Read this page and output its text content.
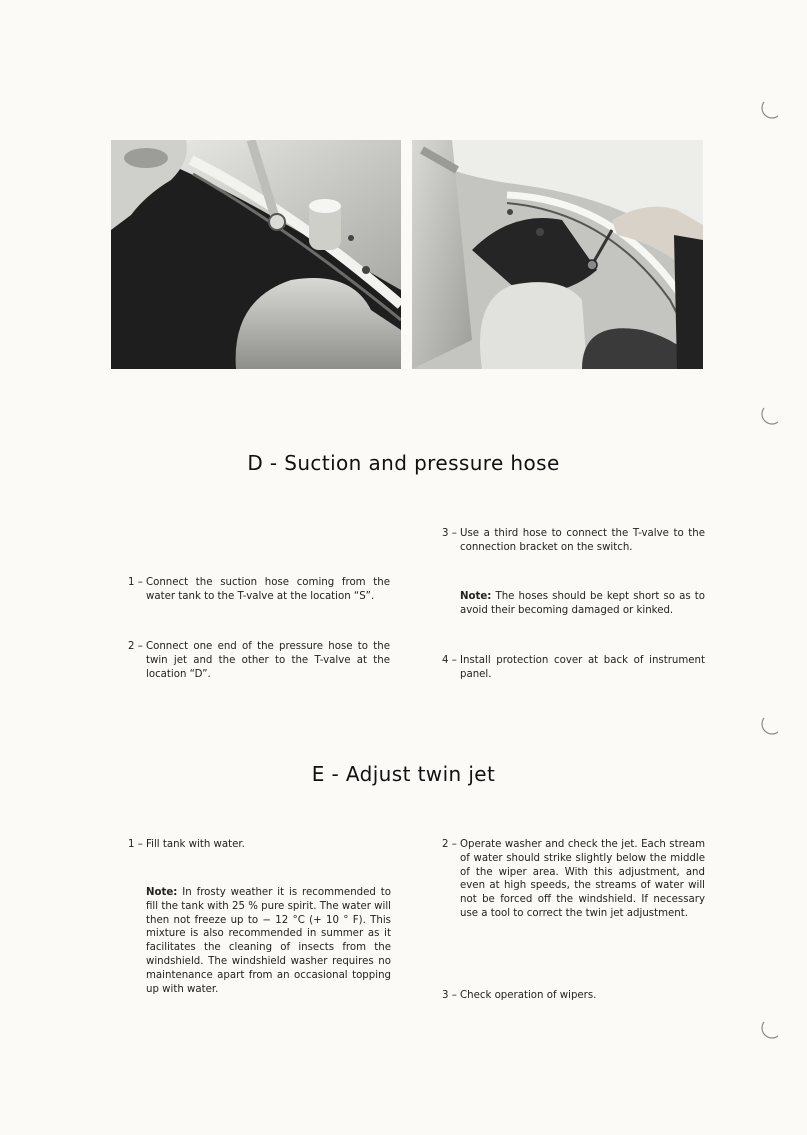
D - Suction and pressure hose

1 – Connect the suction hose coming from the water tank to the T-valve at the location “S”.

2 – Connect one end of the pressure hose to the twin jet and the other to the T-valve at the location “D”.

3 – Use a third hose to connect the T-valve to the connection bracket on the switch.

Note: The hoses should be kept short so as to avoid their becoming damaged or kinked.

4 – Install protection cover at back of instrument panel.

E - Adjust twin jet

1 – Fill tank with water.

Note: In frosty weather it is recommended to fill the tank with 25 % pure spirit. The water will then not freeze up to − 12 °C (+ 10 ° F). This mixture is also recommended in summer as it facilitates the cleaning of insects from the windshield. The windshield washer requires no maintenance apart from an occasional topping up with water.

2 – Operate washer and check the jet. Each stream of water should strike slightly below the middle of the wiper area. With this adjustment, and even at high speeds, the streams of water will not be forced off the windshield. If necessary use a tool to correct the twin jet adjustment.

3 – Check operation of wipers.
